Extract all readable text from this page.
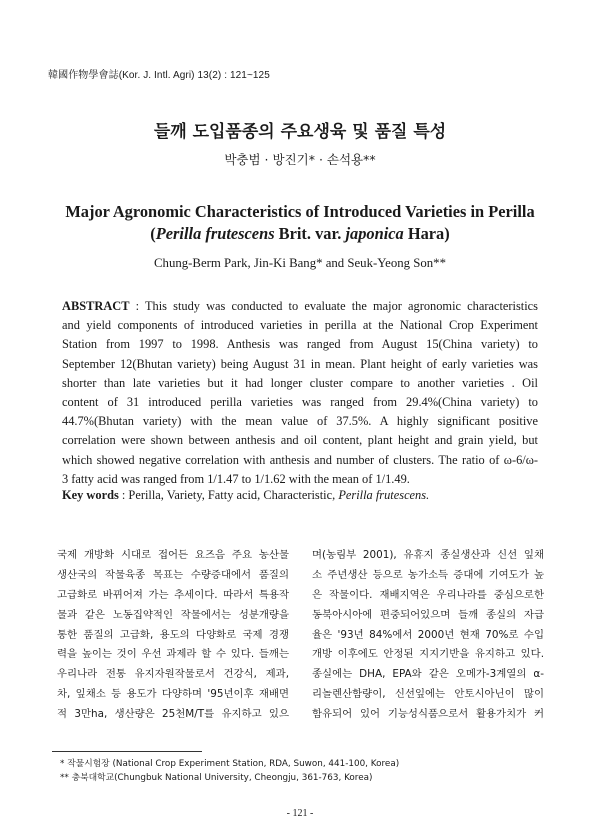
韓國作物學會誌(Kor. J. Intl. Agri) 13(2) : 121~125
들깨 도입품종의 주요생육 및 품질 특성
박충범 · 방진기* · 손석용**
Major Agronomic Characteristics of Introduced Varieties in Perilla
(Perilla frutescens Brit. var. japonica Hara)
Chung-Berm Park, Jin-Ki Bang* and Seuk-Yeong Son**
ABSTRACT : This study was conducted to evaluate the major agronomic characteristics
and yield components of introduced varieties in perilla at the National Crop Experiment
Station from 1997 to 1998. Anthesis was ranged from August 15(China variety) to
September 12(Bhutan variety) being August 31 in mean. Plant height of early varieties was
shorter than late varieties but it had longer cluster compare to another varieties . Oil
content of 31 introduced perilla varieties was ranged from 29.4%(China variety) to
44.7%(Bhutan variety) with the mean value of 37.5%. A highly significant positive
correlation were shown between anthesis and oil content, plant height and grain yield, but
which showed negative correlation with anthesis and number of clusters. The ratio of ω-6/ω-
3 fatty acid was ranged from 1/1.47 to 1/1.62 with the mean of 1/1.49.
Key words : Perilla, Variety, Fatty acid, Characteristic, Perilla frutescens.
국제 개방화 시대로 접어든 요즈음 주요 농산물
생산국의 작물육종 목표는 수량증대에서 품질의
고급화로 바뀌어져 가는 추세이다. 따라서 특용작
물과 같은 노동집약적인 작물에서는 성분개량을
통한 품질의 고급화, 용도의 다양화로 국제 경쟁
력을 높이는 것이 우선 과제라 할 수 있다. 들깨는
우리나라 전통 유지자원작물로서 건강식, 제과,
차, 잎채소 등 용도가 다양하며 '95년이후 재배면
적 3만ha, 생산량은 25천M/T를 유지하고 있으
며(농림부 2001), 유휴지 종실생산과 신선 잎채
소 주년생산 등으로 농가소득 증대에 기여도가 높
은 작물이다. 재배지역은 우리나라를 중심으로한
동북아시아에 편중되어있으며 들깨 종실의 자급
율은 '93년 84%에서 2000년 현재 70%로 수입
개방 이후에도 안정된 지지기반을 유지하고 있다.
종실에는 DHA, EPA와 같은 오메가-3계열의 α-
리놀렌산함량이, 신선잎에는 안토시아닌이 많이
함유되어 있어 기능성식품으로서 활용가치가 커
* 작물시험장 (National Crop Experiment Station, RDA, Suwon, 441-100, Korea)
** 충북대학교(Chungbuk National University, Cheongju, 361-763, Korea)
- 121 -
